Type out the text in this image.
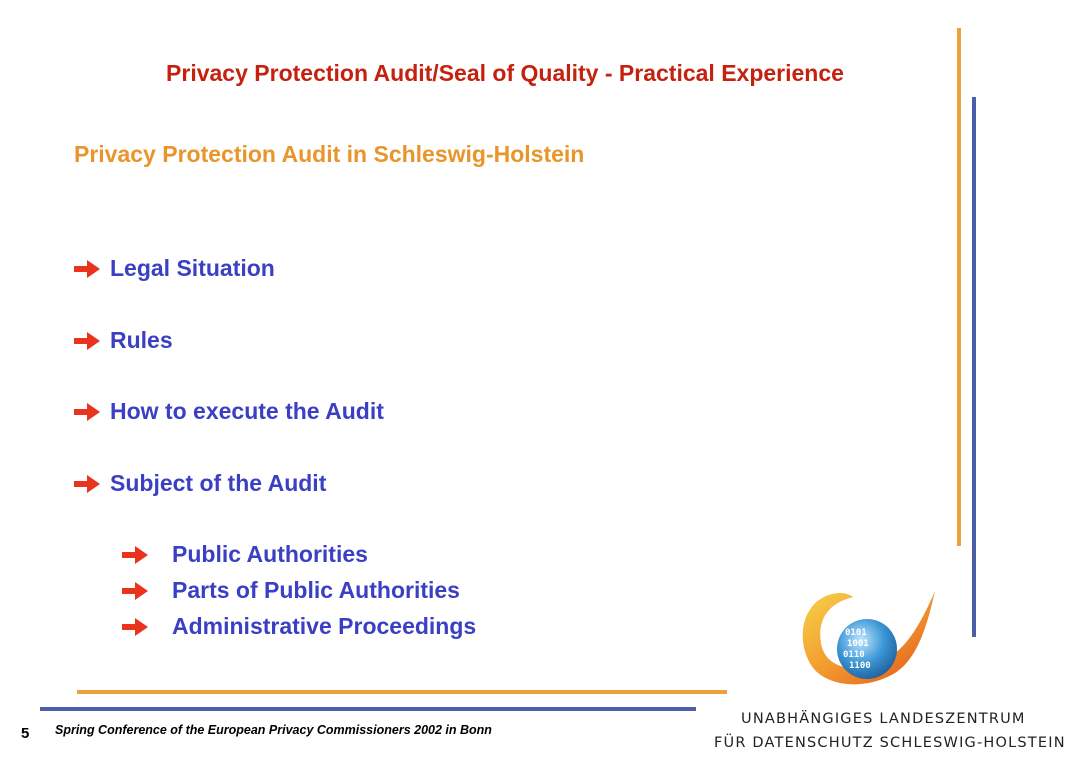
Privacy Protection Audit/Seal of Quality - Practical Experience
Privacy Protection Audit in Schleswig-Holstein
Legal Situation
Rules
How to execute the Audit
Subject of the Audit
Public Authorities
Parts of Public Authorities
Administrative Proceedings	0101
1001
0110
1100
UNABHÄNGIGES LANDESZENTRUM
FÜR DATENSCHUTZ SCHLESWIG-HOLSTEIN
5 Spring Conference of the European Privacy Commissioners 2002 in Bonn
